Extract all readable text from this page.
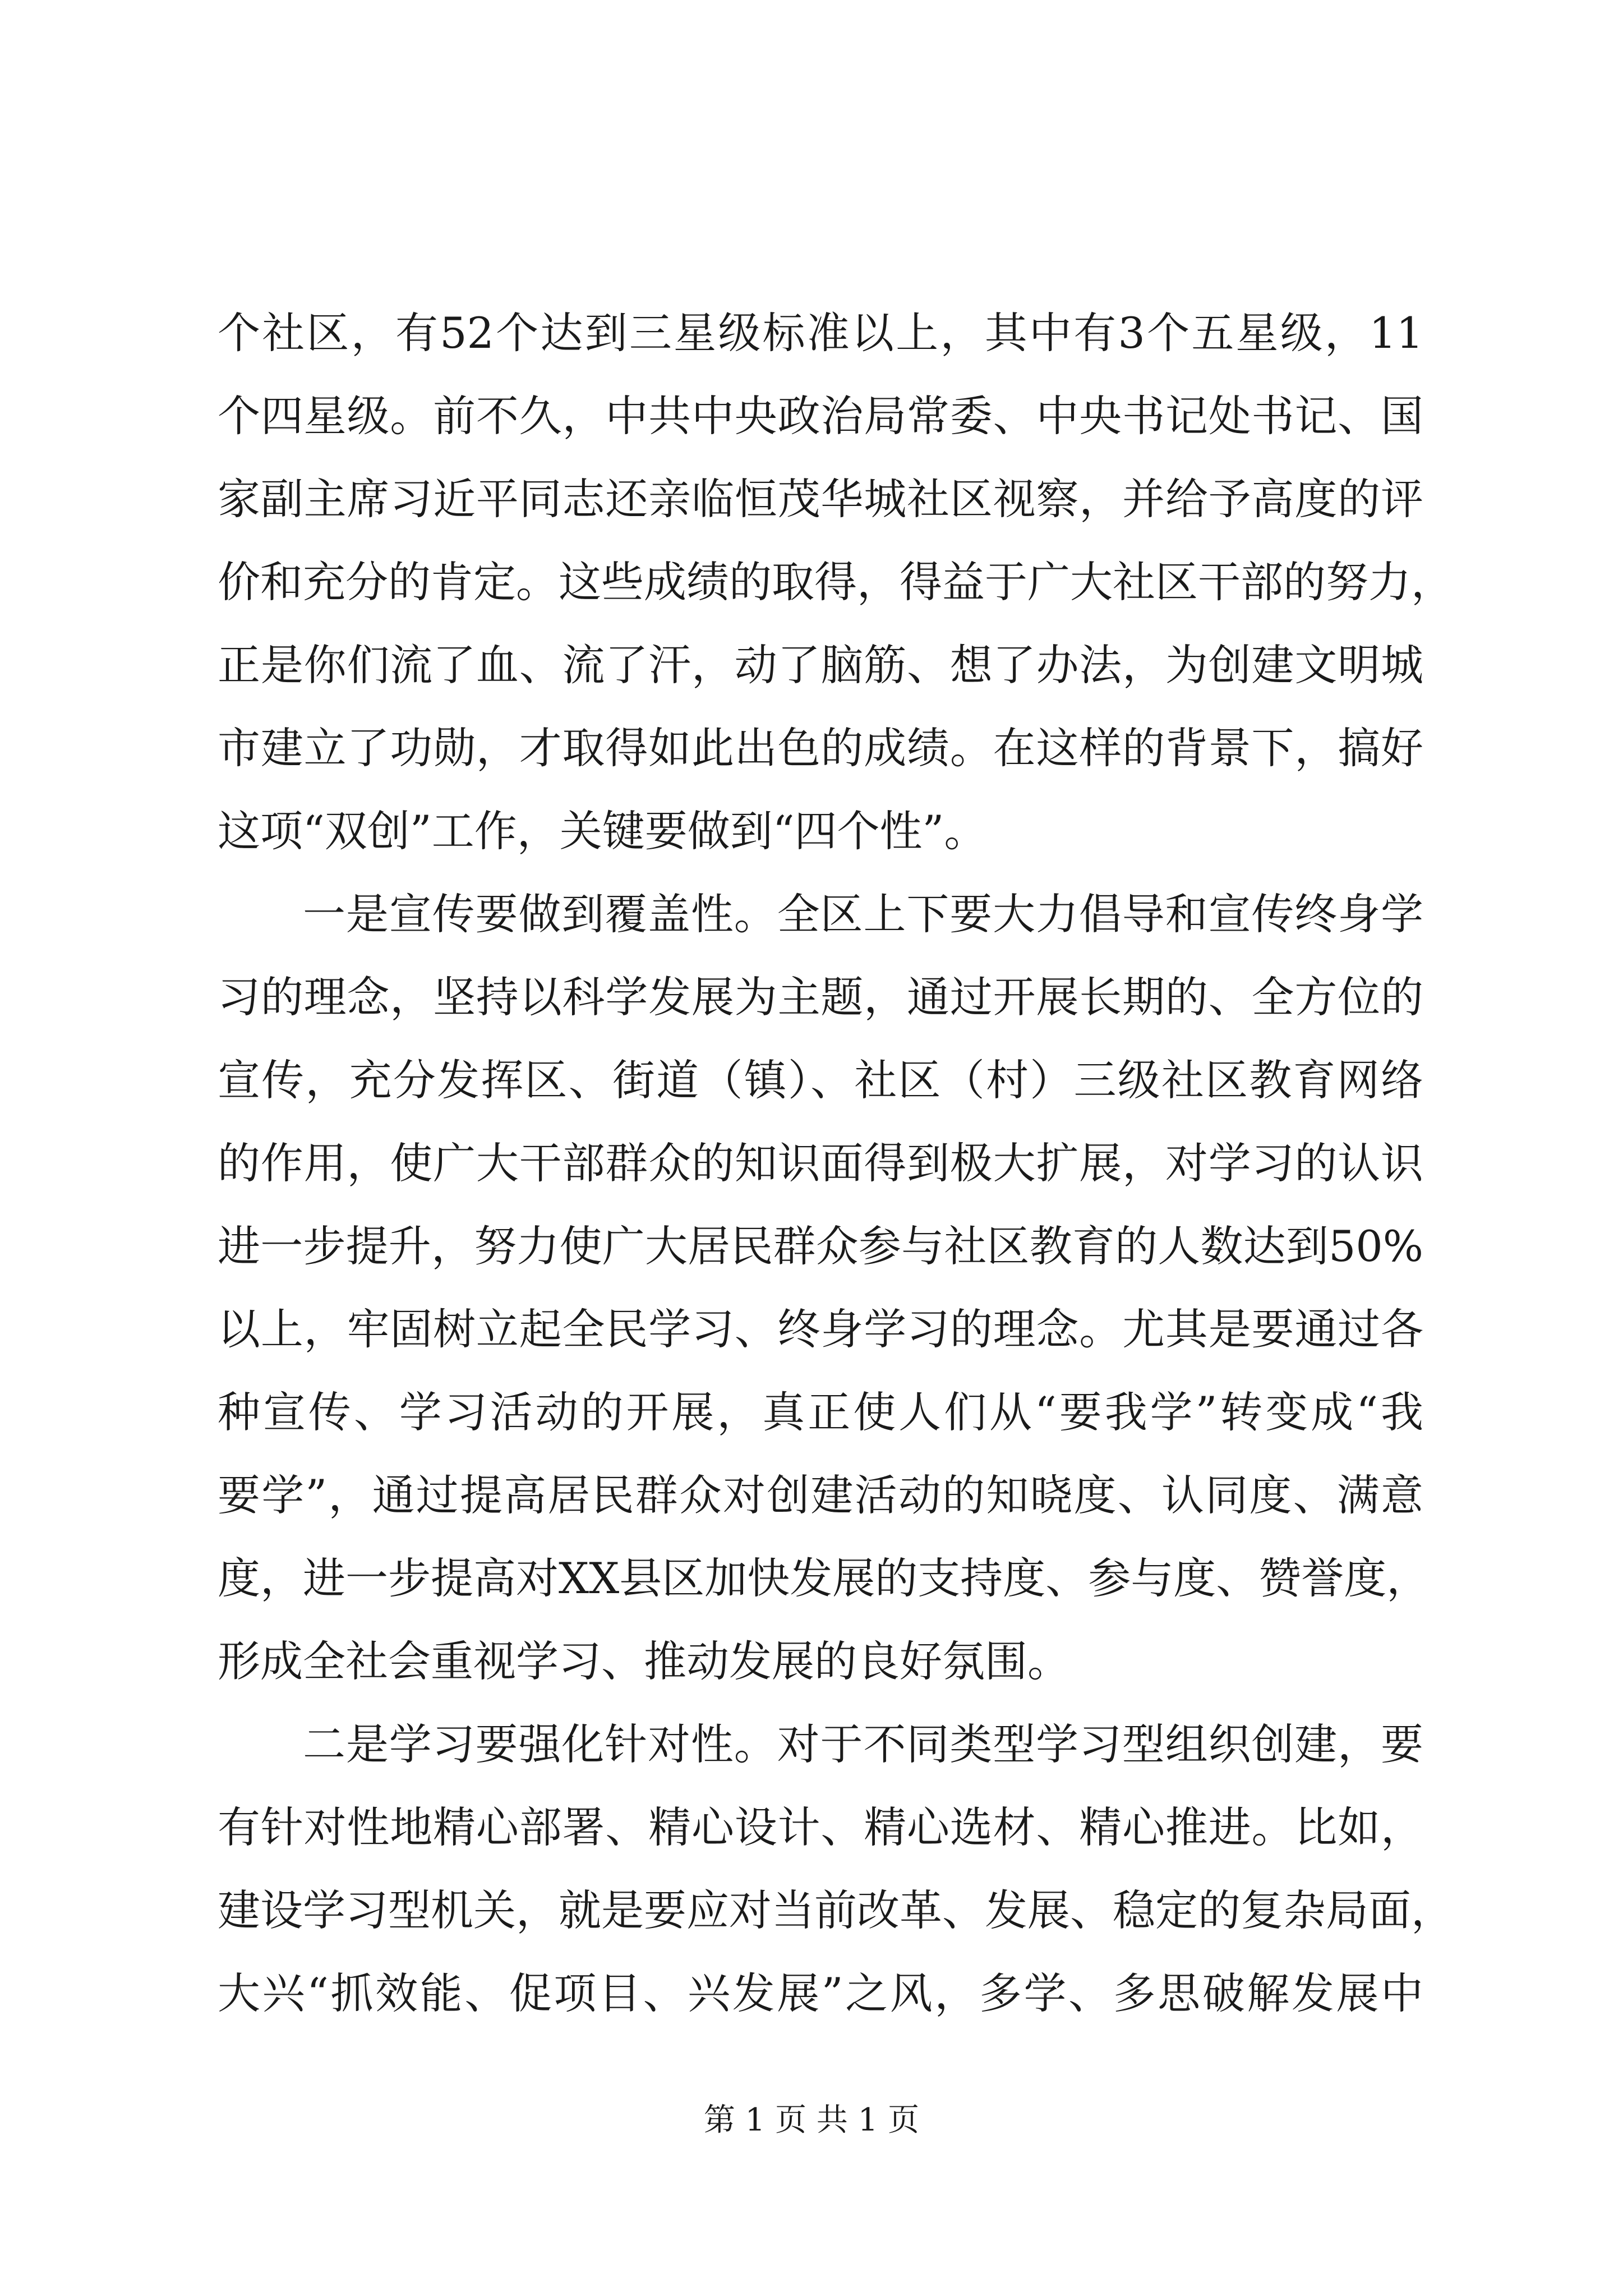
个社区，有52个达到三星级标准以上，其中有3个五星级，11
个四星级。前不久，中共中央政治局常委、中央书记处书记、国
家副主席习近平同志还亲临恒茂华城社区视察，并给予高度的评
价和充分的肯定。这些成绩的取得，得益于广大社区干部的努力，
正是你们流了血、流了汗，动了脑筋、想了办法，为创建文明城
市建立了功勋，才取得如此出色的成绩。在这样的背景下，搞好
这项“双创”工作，关键要做到“四个性”。
一是宣传要做到覆盖性。全区上下要大力倡导和宣传终身学
习的理念，坚持以科学发展为主题，通过开展长期的、全方位的
宣传，充分发挥区、街道（镇）、社区（村）三级社区教育网络
的作用，使广大干部群众的知识面得到极大扩展，对学习的认识
进一步提升，努力使广大居民群众参与社区教育的人数达到50%
以上，牢固树立起全民学习、终身学习的理念。尤其是要通过各
种宣传、学习活动的开展，真正使人们从“要我学”转变成“我
要学”，通过提高居民群众对创建活动的知晓度、认同度、满意
度，进一步提高对XX县区加快发展的支持度、参与度、赞誉度，
形成全社会重视学习、推动发展的良好氛围。
二是学习要强化针对性。对于不同类型学习型组织创建，要
有针对性地精心部署、精心设计、精心选材、精心推进。比如，
建设学习型机关，就是要应对当前改革、发展、稳定的复杂局面，
大兴“抓效能、促项目、兴发展”之风，多学、多思破解发展中
第 1 页 共 1 页
